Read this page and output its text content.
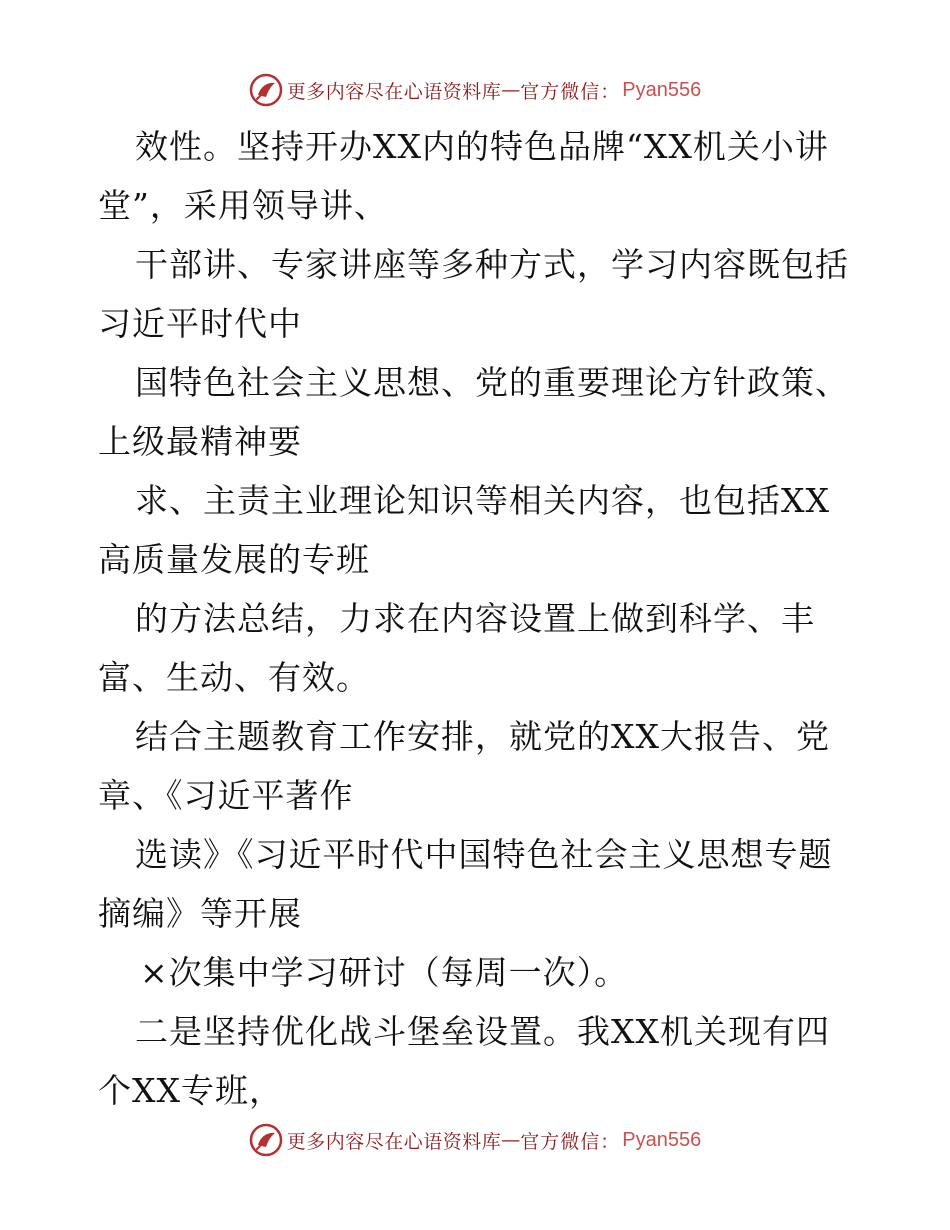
更多内容尽在心语资料库 — 官方微信： Pyan556
效性。坚持开办XX内的特色品牌“XX机关小讲
堂”，采用领导讲、
干部讲、专家讲座等多种方式，学习内容既包括
习近平时代中
国特色社会主义思想、党的重要理论方针政策、
上级最精神要
求、主责主业理论知识等相关内容，也包括XX
高质量发展的专班
的方法总结，力求在内容设置上做到科学、丰
富、生动、有效。
结合主题教育工作安排，就党的XX大报告、党
章、《习近平著作
选读》《习近平时代中国特色社会主义思想专题
摘编》等开展
×次集中学习研讨（每周一次）。
二是坚持优化战斗堡垒设置。我XX机关现有四
个XX专班，
更多内容尽在心语资料库 — 官方微信： Pyan556
